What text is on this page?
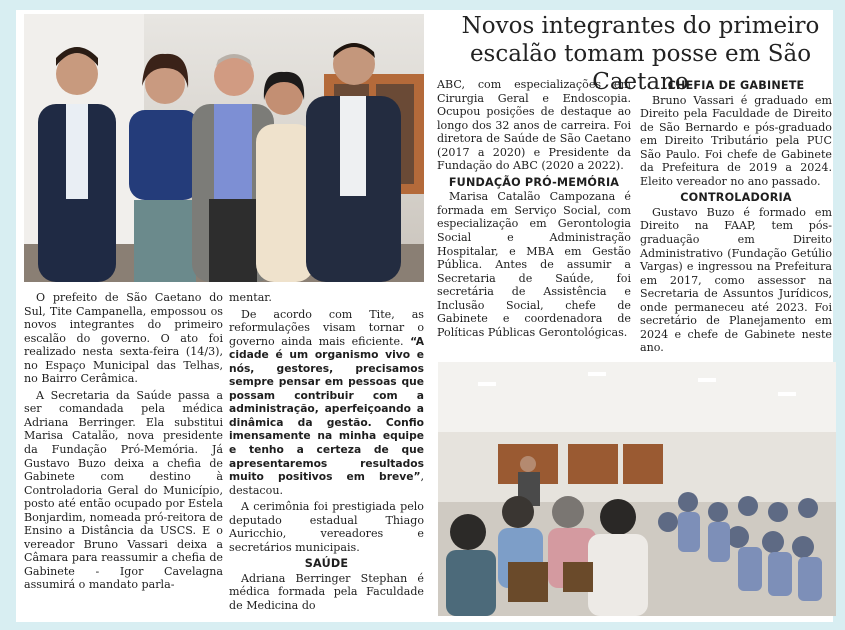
Novos integrantes do primeiro escalão tomam posse em São Caetano

O prefeito de São Caetano do Sul, Tite Campanella, empossou os novos integrantes do primeiro escalão do governo. O ato foi realizado nesta sexta-feira (14/3), no Espaço Municipal das Telhas, no Bairro Cerâmica.

A Secretaria da Saúde passa a ser comandada pela médica Adriana Berringer. Ela substitui Marisa Catalão, nova presidente da Fundação Pró-Memória. Já Gustavo Buzo deixa a chefia de Gabinete com destino à Controladoria Geral do Município, posto até então ocupado por Estela Bonjardim, nomeada pró-reitora de Ensino a Distância da USCS. E o vereador Bruno Vassari deixa a Câmara para reassumir a chefia de Gabinete - Igor Cavelagna assumirá o mandato parla-

mentar.

De acordo com Tite, as reformulações visam tornar o governo ainda mais eficiente. “A cidade é um organismo vivo e nós, gestores, precisamos sempre pensar em pessoas que possam contribuir com a administração, aperfeiçoando a dinâmica da gestão. Confio imensamente na minha equipe e tenho a certeza de que apresentaremos resultados muito positivos em breve”, destacou.

A cerimônia foi prestigiada pelo deputado estadual Thiago Auricchio, vereadores e secretários municipais.

SAÚDE

Adriana Berringer Stephan é médica formada pela Faculdade de Medicina do

ABC, com especializações em Cirurgia Geral e Endoscopia. Ocupou posições de destaque ao longo dos 32 anos de carreira. Foi diretora de Saúde de São Caetano (2017 a 2020) e Presidente da Fundação do ABC (2020 a 2022).

FUNDAÇÃO PRÓ-MEMÓRIA

Marisa Catalão Campozana é formada em Serviço Social, com especialização em Gerontologia Social e Administração Hospitalar, e MBA em Gestão Pública. Antes de assumir a Secretaria de Saúde, foi secretária de Assistência e Inclusão Social, chefe de Gabinete e coordenadora de Políticas Públicas Gerontológicas.

CHEFIA DE GABINETE

Bruno Vassari é graduado em Direito pela Faculdade de Direito de São Bernardo e pós-graduado em Direito Tributário pela PUC São Paulo. Foi chefe de Gabinete da Prefeitura de 2019 a 2024. Eleito vereador no ano passado.

CONTROLADORIA

Gustavo Buzo é formado em Direito na FAAP, tem pós-graduação em Direito Administrativo (Fundação Getúlio Vargas) e ingressou na Prefeitura em 2017, como assessor na Secretaria de Assuntos Jurídicos, onde permaneceu até 2023. Foi secretário de Planejamento em 2024 e chefe de Gabinete neste ano.
